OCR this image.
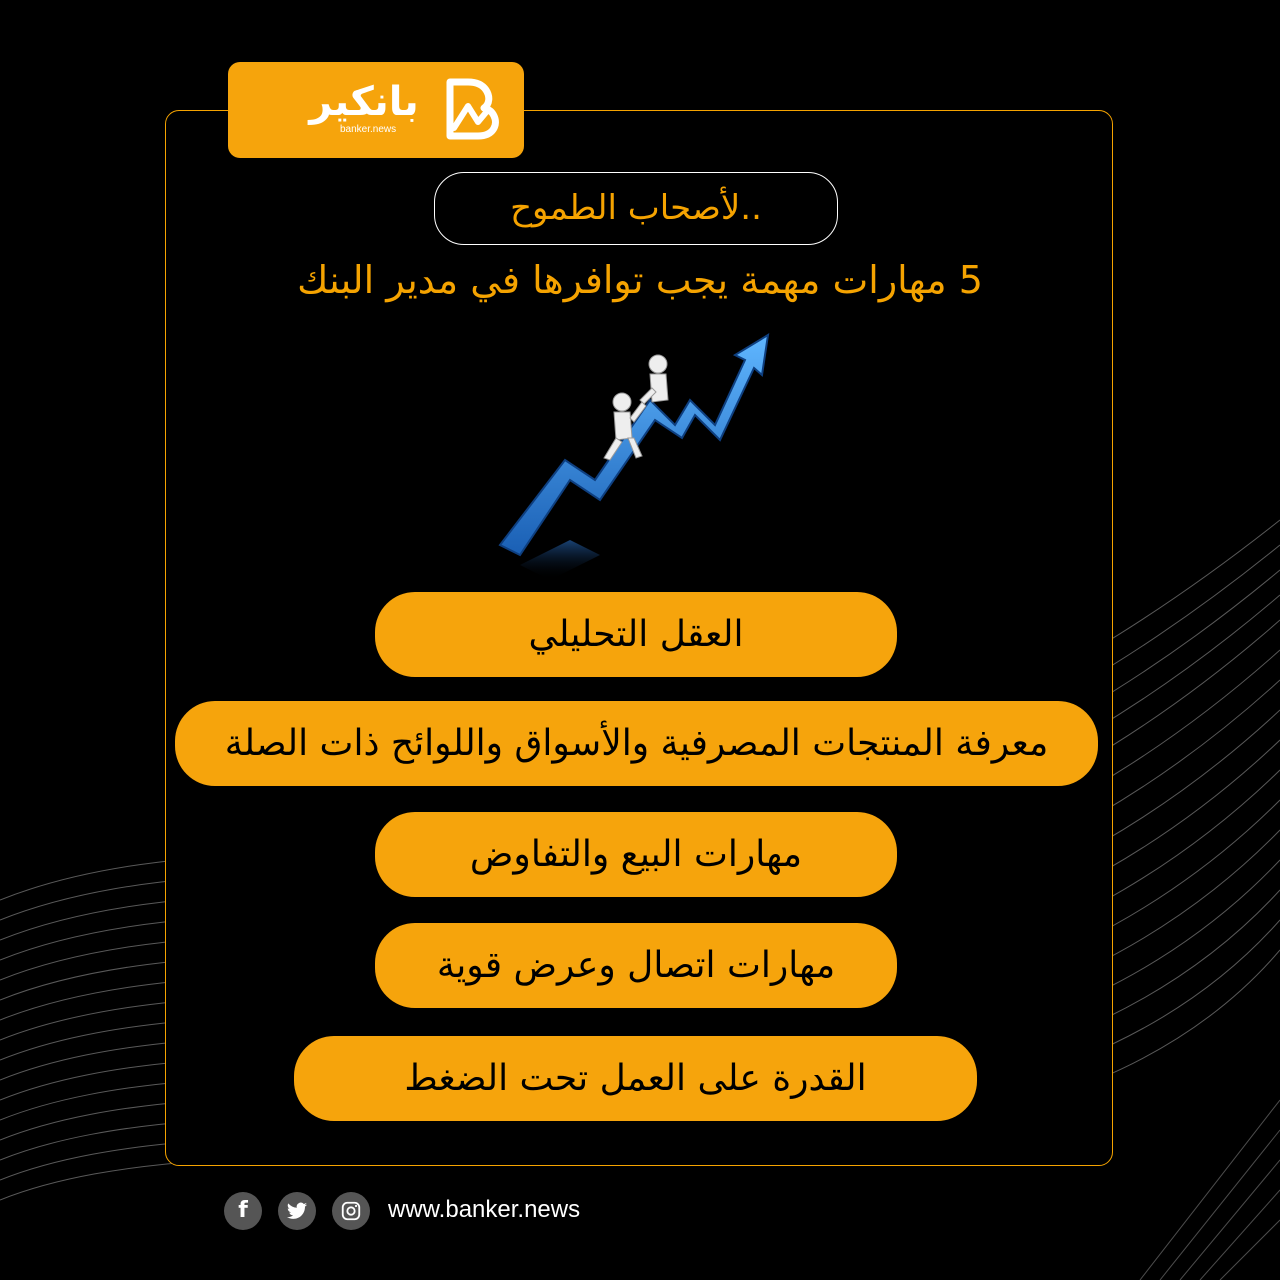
بانكير
banker.news
..لأصحاب الطموح
5 مهارات مهمة يجب توافرها في مدير البنك
العقل التحليلي
معرفة المنتجات المصرفية والأسواق واللوائح ذات الصلة
مهارات البيع والتفاوض
مهارات اتصال وعرض قوية
القدرة على العمل تحت الضغط
f	www.banker.news
